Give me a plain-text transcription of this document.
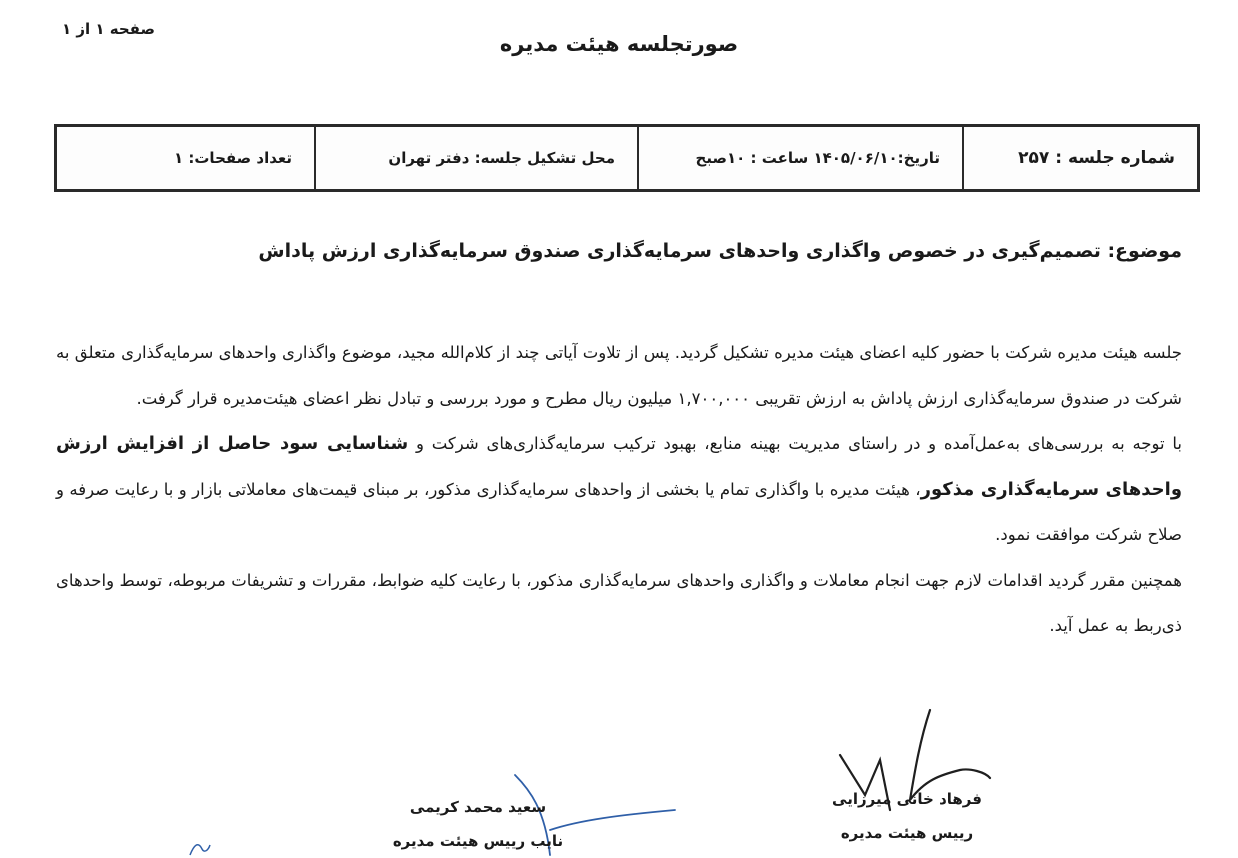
صفحه ۱ از ۱
صورتجلسه هیئت مدیره
شماره جلسه : ۲۵۷
تاریخ:۱۴۰۵/۰۶/۱۰ ساعت : ۱۰صبح
محل تشکیل جلسه: دفتر تهران
تعداد صفحات: ۱
موضوع: تصمیم‌گیری در خصوص واگذاری واحدهای سرمایه‌گذاری صندوق سرمایه‌گذاری ارزش پاداش

جلسه هیئت مدیره شرکت با حضور کلیه اعضای هیئت مدیره تشکیل گردید. پس از تلاوت آیاتی چند از کلام‌الله مجید، موضوع واگذاری واحدهای سرمایه‌گذاری متعلق به شرکت در صندوق سرمایه‌گذاری ارزش پاداش به ارزش تقریبی ۱,۷۰۰,۰۰۰ میلیون ریال مطرح و مورد بررسی و تبادل نظر اعضای هیئت‌مدیره قرار گرفت.

با توجه به بررسی‌های به‌عمل‌آمده و در راستای مدیریت بهینه منابع، بهبود ترکیب سرمایه‌گذاری‌های شرکت و شناسایی سود حاصل از افزایش ارزش واحدهای سرمایه‌گذاری مذکور، هیئت مدیره با واگذاری تمام یا بخشی از واحدهای سرمایه‌گذاری مذکور، بر مبنای قیمت‌های معاملاتی بازار و با رعایت صرفه و صلاح شرکت موافقت نمود.

همچنین مقرر گردید اقدامات لازم جهت انجام معاملات و واگذاری واحدهای سرمایه‌گذاری مذکور، با رعایت کلیه ضوابط، مقررات و تشریفات مربوطه، توسط واحدهای ذی‌ربط به عمل آید.

فرهاد خانی میرزایی
رییس هیئت مدیره
سعید محمد کریمی
نایب رییس هیئت مدیره
